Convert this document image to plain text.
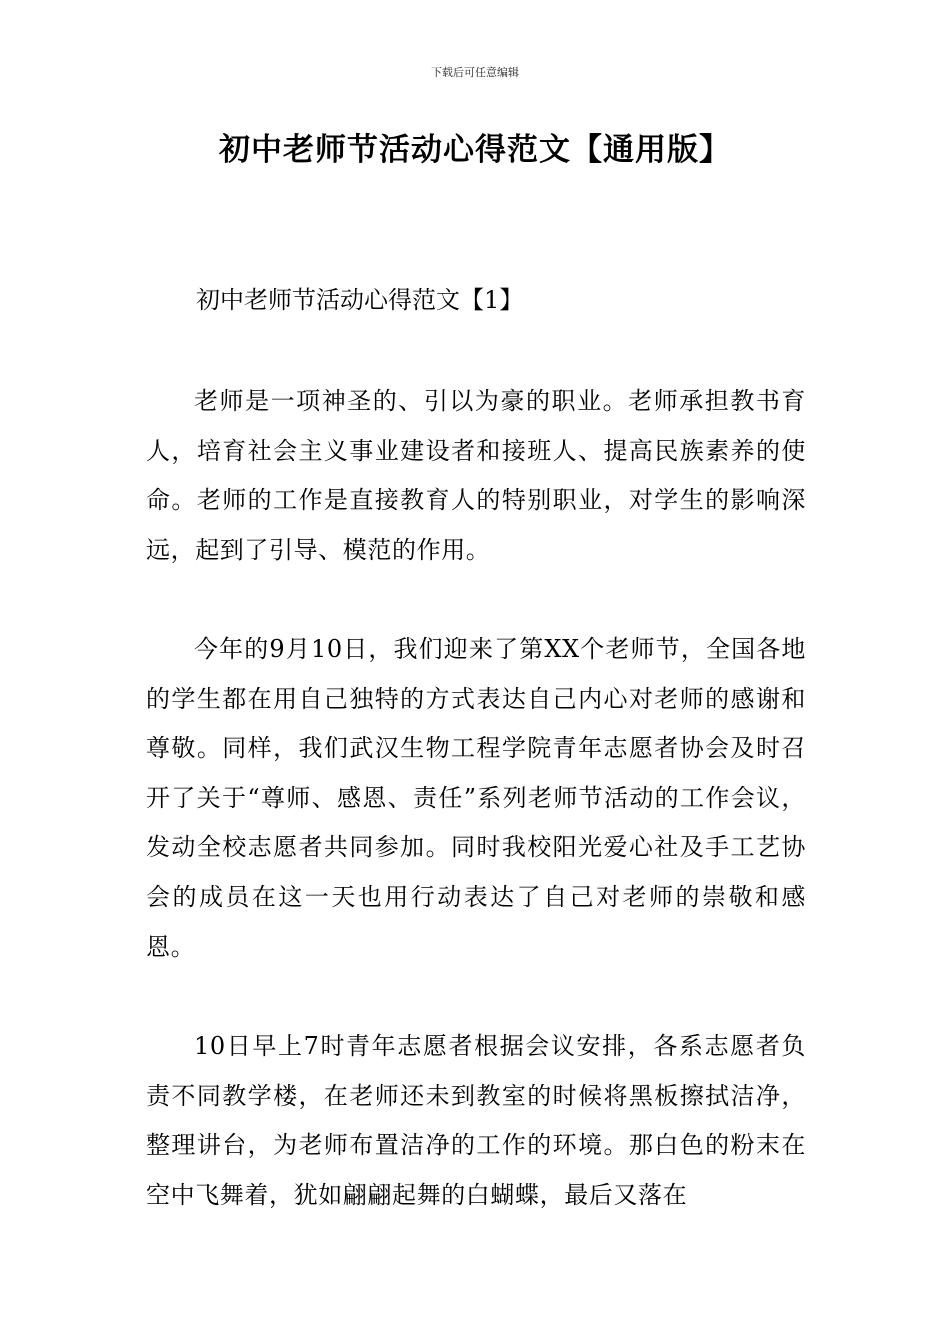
下载后可任意编辑
初中老师节活动心得范文【通用版】
初中老师节活动心得范文【1】

老师是一项神圣的、引以为豪的职业。老师承担教书育人，培育社会主义事业建设者和接班人、提高民族素养的使命。老师的工作是直接教育人的特别职业，对学生的影响深远，起到了引导、模范的作用。

今年的9月10日，我们迎来了第XX个老师节，全国各地的学生都在用自己独特的方式表达自己内心对老师的感谢和尊敬。同样，我们武汉生物工程学院青年志愿者协会及时召开了关于“尊师、感恩、责任”系列老师节活动的工作会议，发动全校志愿者共同参加。同时我校阳光爱心社及手工艺协会的成员在这一天也用行动表达了自己对老师的崇敬和感恩。

10日早上7时青年志愿者根据会议安排，各系志愿者负责不同教学楼，在老师还未到教室的时候将黑板擦拭洁净，整理讲台，为老师布置洁净的工作的环境。那白色的粉末在空中飞舞着，犹如翩翩起舞的白蝴蝶，最后又落在
